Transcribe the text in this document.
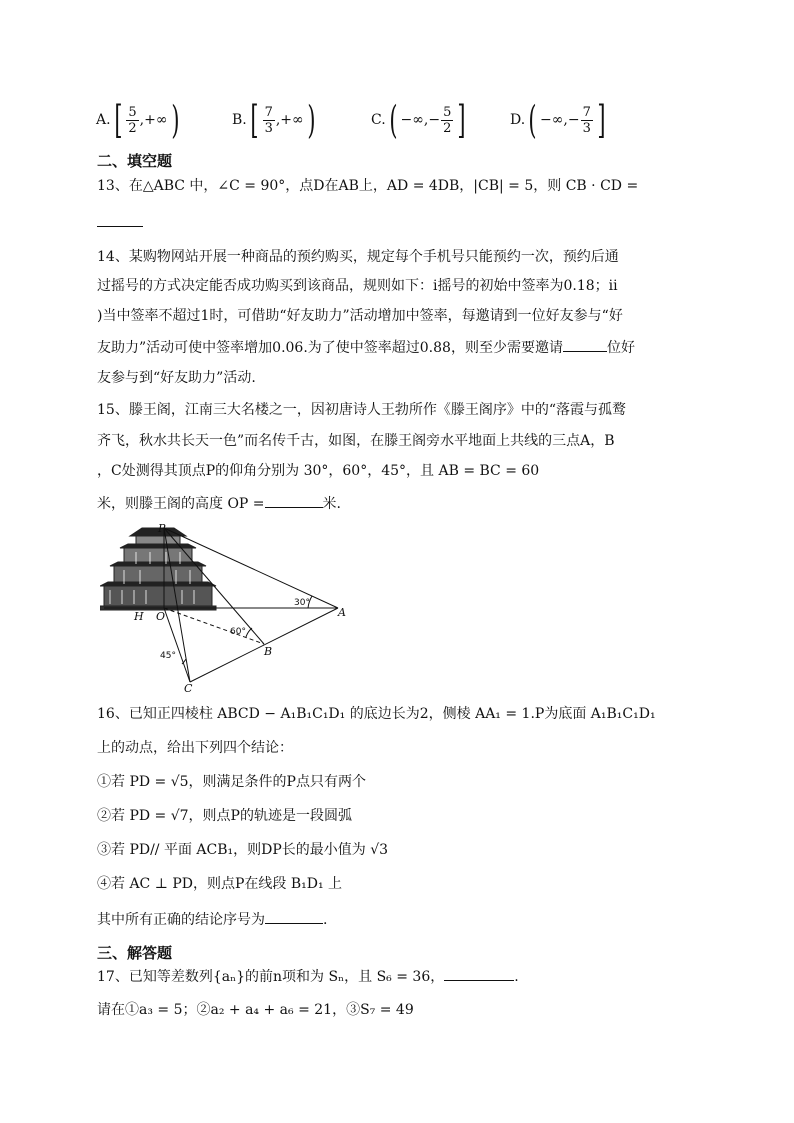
A. [ $\frac{5}{2}$ ,+∞ )	B. [ $\frac{7}{3}$ ,+∞ )	C. ( −∞,− $\frac{5}{2}$ ]	D. ( −∞,− $\frac{7}{3}$ ]
二、填空题
13、在△ABC 中，∠C = 90°，点D在AB上，AD = 4DB，|CB| = 5，则 CB · CD =
14、某购物网站开展一种商品的预约购买，规定每个手机号只能预约一次，预约后通
过摇号的方式决定能否成功购买到该商品，规则如下：ⅰ摇号的初始中签率为0.18；ⅱ
)当中签率不超过1时，可借助“好友助力”活动增加中签率，每邀请到一位好友参与“好
友助力”活动可使中签率增加0.06.为了使中签率超过0.88，则至少需要邀请	位好
友参与到“好友助力”活动.
15、滕王阁，江南三大名楼之一，因初唐诗人王勃所作《滕王阁序》中的“落霞与孤鹜
齐飞，秋水共长天一色”而名传千古，如图，在滕王阁旁水平地面上共线的三点A，B
，C处测得其顶点P的仰角分别为 30°，60°，45°，且 AB = BC = 60
米，则滕王阁的高度 OP =	米.
P
O
H	A
B
C
30°
60°
45°
16、已知正四棱柱 ABCD − A₁B₁C₁D₁ 的底边长为2，侧棱 AA₁ = 1.P为底面 A₁B₁C₁D₁
上的动点，给出下列四个结论：
①若 PD = √5，则满足条件的P点只有两个
②若 PD = √7，则点P的轨迹是一段圆弧
③若 PD// 平面 ACB₁，则DP长的最小值为 √3
④若 AC ⊥ PD，则点P在线段 B₁D₁ 上
其中所有正确的结论序号为	.
三、解答题
17、已知等差数列{aₙ}的前n项和为 Sₙ，且 S₆ = 36，	.
请在①a₃ = 5；②a₂ + a₄ + a₆ = 21，③S₇ = 49
